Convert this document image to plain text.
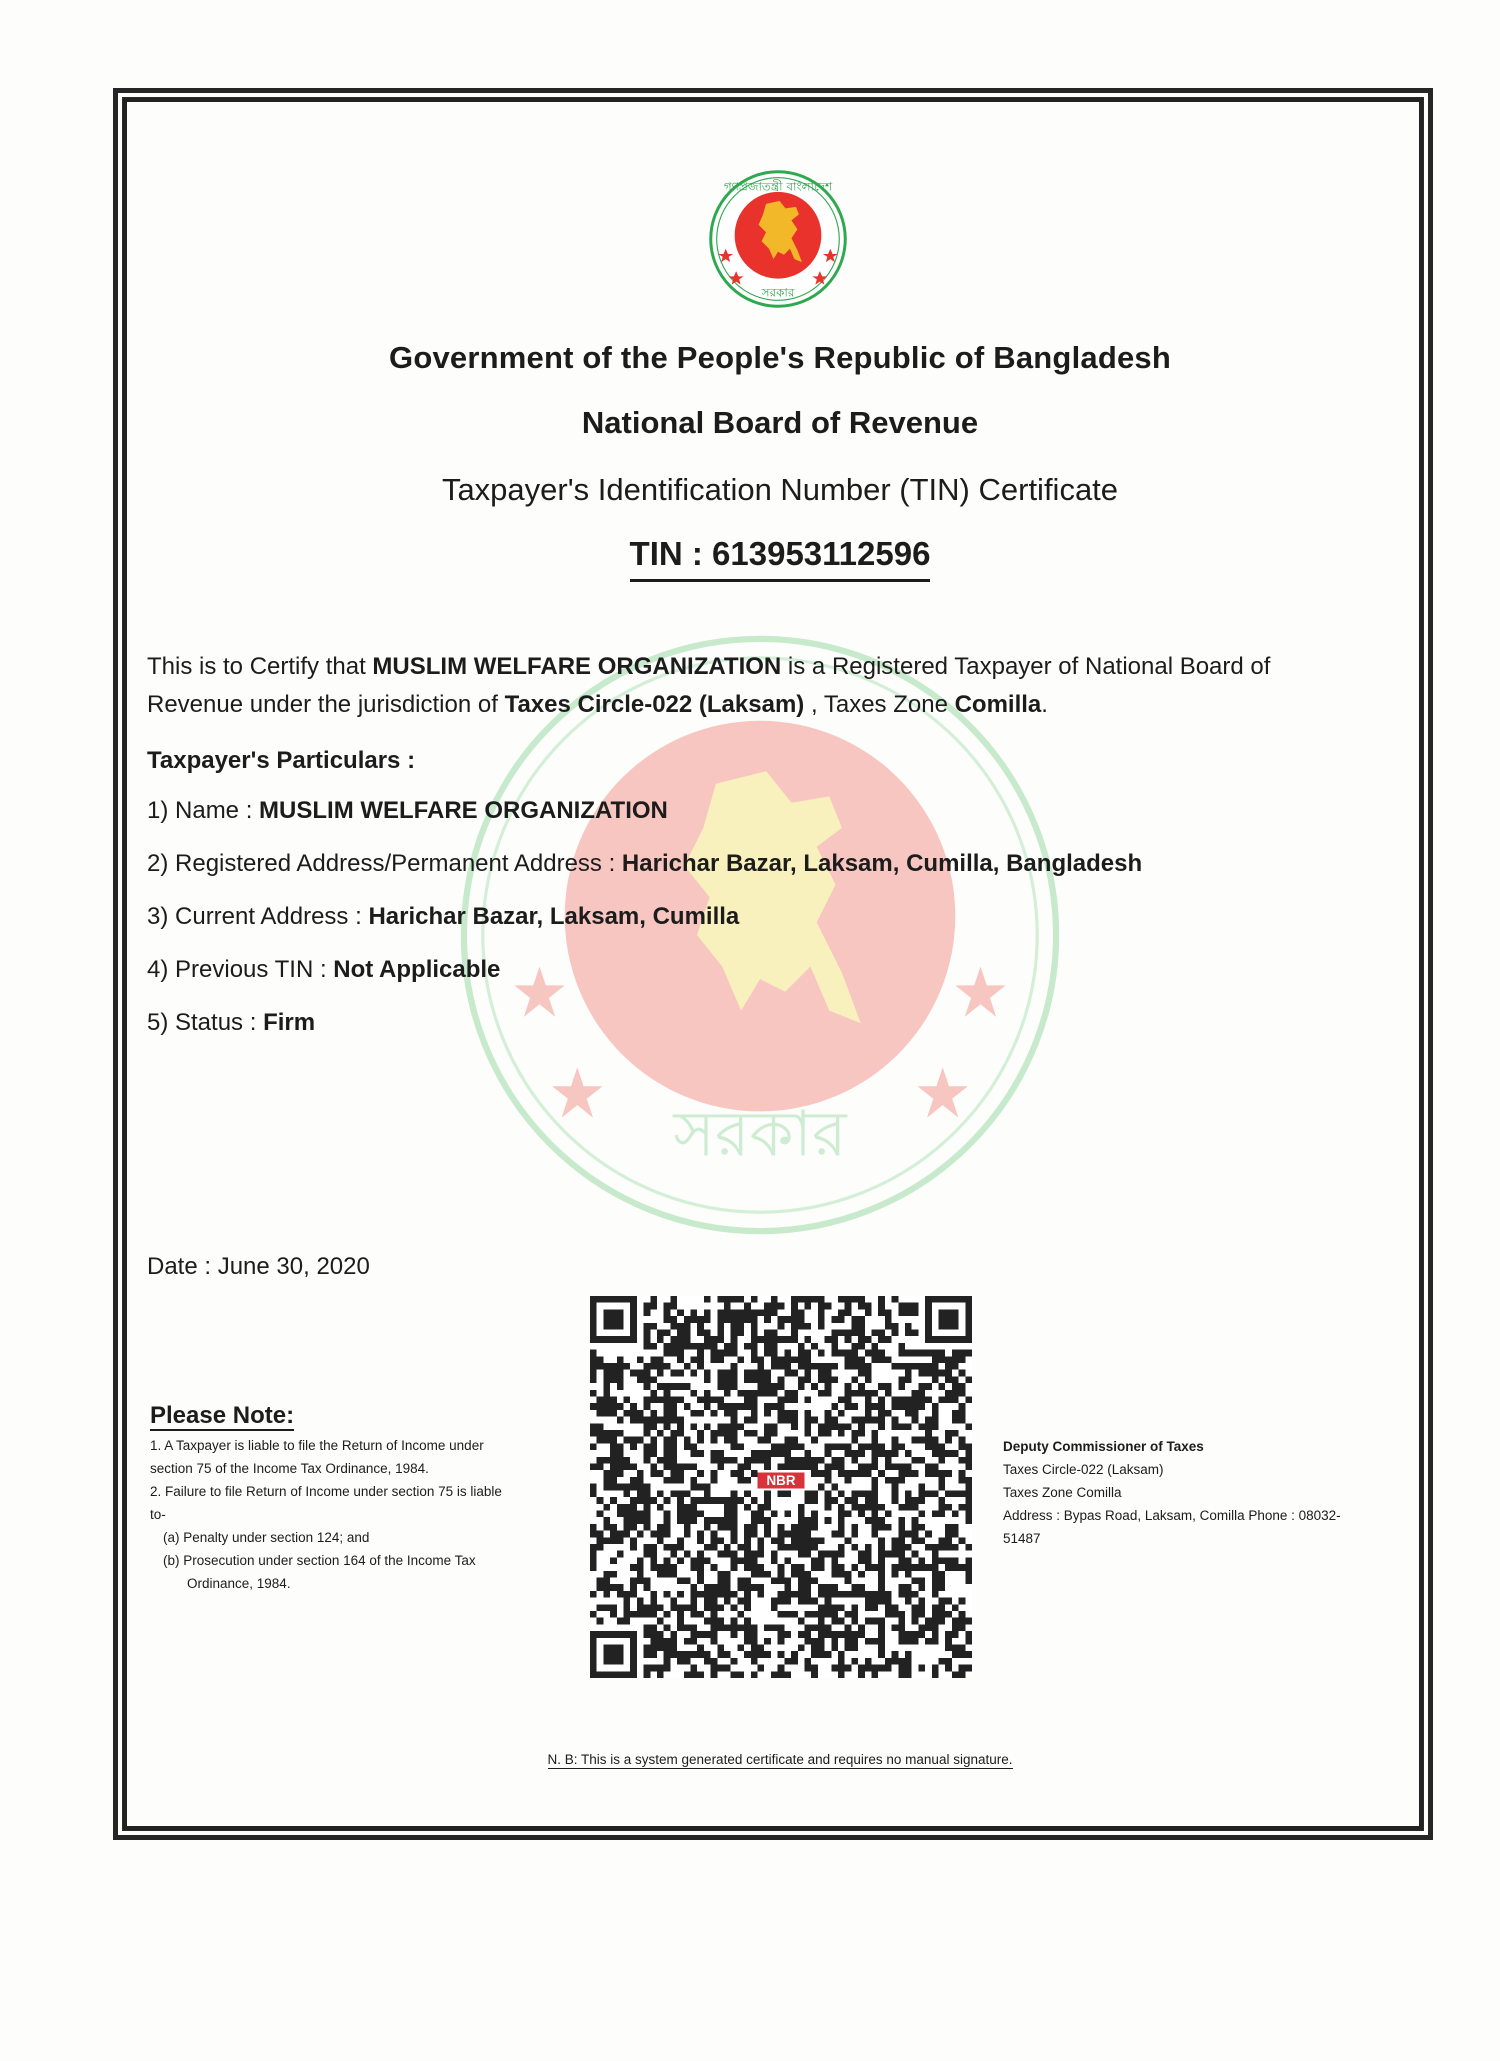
সরকার
গণপ্রজাতন্ত্রী বাংলাদেশ
সরকার
Government of the People's Republic of Bangladesh
National Board of Revenue
Taxpayer's Identification Number (TIN) Certificate
TIN : 613953112596
This is to Certify that MUSLIM WELFARE ORGANIZATION is a Registered Taxpayer of National Board of Revenue under the jurisdiction of Taxes Circle-022 (Laksam) , Taxes Zone Comilla.
Taxpayer's Particulars :
1) Name : MUSLIM WELFARE ORGANIZATION
2) Registered Address/Permanent Address : Harichar Bazar, Laksam, Cumilla, Bangladesh
3) Current Address : Harichar Bazar, Laksam, Cumilla
4) Previous TIN : Not Applicable
5) Status : Firm
Date : June 30, 2020
NBR
Please Note:
1. A Taxpayer is liable to file the Return of Income under
section 75 of the Income Tax Ordinance, 1984.
2. Failure to file Return of Income under section 75 is liable
to-
(a) Penalty under section 124; and
(b) Prosecution under section 164 of the Income Tax
Ordinance, 1984.
Deputy Commissioner of Taxes
Taxes Circle-022 (Laksam)
Taxes Zone Comilla
Address : Bypas Road, Laksam, Comilla Phone : 08032-
51487
N. B: This is a system generated certificate and requires no manual signature.
